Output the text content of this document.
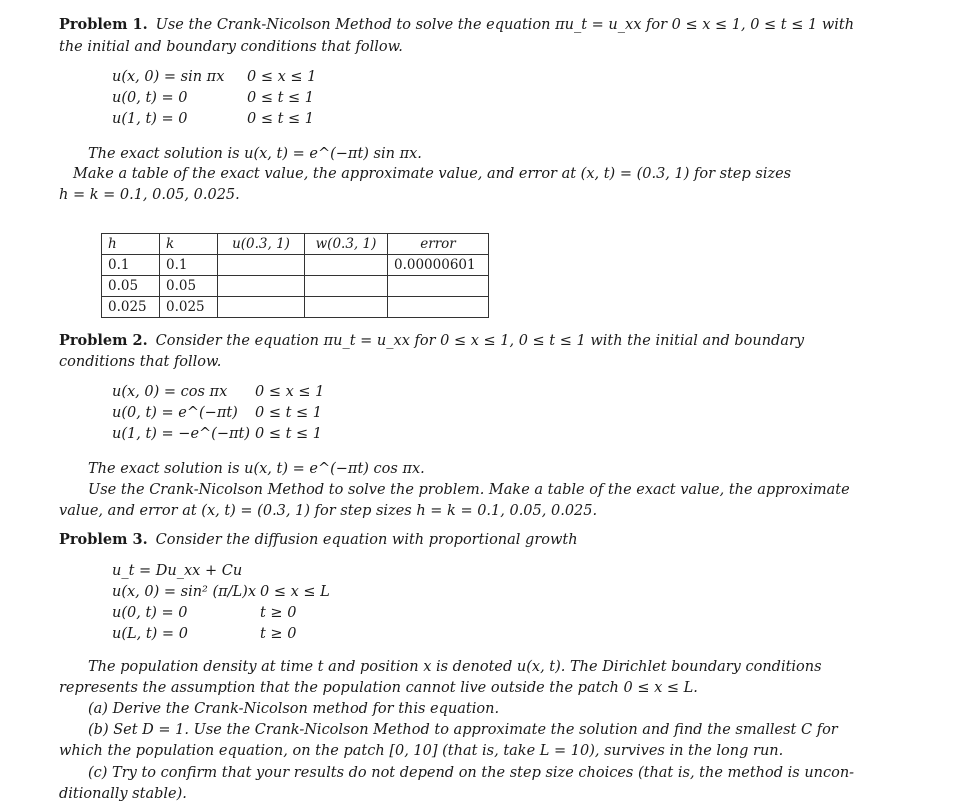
Problem 1. Use the Crank-Nicolson Method to solve the equation πu_t = u_xx for 0 ≤ x ≤ 1, 0 ≤ t ≤ 1 with
the initial and boundary conditions that follow.
u(x, 0) = sin πx 0 ≤ x ≤ 1
u(0, t) = 0	0 ≤ t ≤ 1
u(1, t) = 0	0 ≤ t ≤ 1
The exact solution is u(x, t) = e^(−πt) sin πx.
Make a table of the exact value, the approximate value, and error at (x, t) = (0.3, 1) for step sizes
h = k = 0.1, 0.05, 0.025.
h	k	u(0.3, 1)	w(0.3, 1)	error
0.1	0.1			0.00000601
0.05	0.05			
0.025	0.025			
Problem 2. Consider the equation πu_t = u_xx for 0 ≤ x ≤ 1, 0 ≤ t ≤ 1 with the initial and boundary
conditions that follow.
u(x, 0) = cos πx 0 ≤ x ≤ 1
u(0, t) = e^(−πt) 0 ≤ t ≤ 1
u(1, t) = −e^(−πt) 0 ≤ t ≤ 1
The exact solution is u(x, t) = e^(−πt) cos πx.
Use the Crank-Nicolson Method to solve the problem. Make a table of the exact value, the approximate
value, and error at (x, t) = (0.3, 1) for step sizes h = k = 0.1, 0.05, 0.025.
Problem 3. Consider the diffusion equation with proportional growth
u_t = Du_xx + Cu
u(x, 0) = sin² (π/L)x 0 ≤ x ≤ L
u(0, t) = 0	t ≥ 0
u(L, t) = 0	t ≥ 0
The population density at time t and position x is denoted u(x, t). The Dirichlet boundary conditions
represents the assumption that the population cannot live outside the patch 0 ≤ x ≤ L.
(a) Derive the Crank-Nicolson method for this equation.
(b) Set D = 1. Use the Crank-Nicolson Method to approximate the solution and find the smallest C for
which the population equation, on the patch [0, 10] (that is, take L = 10), survives in the long run.
(c) Try to confirm that your results do not depend on the step size choices (that is, the method is uncon-
ditionally stable).
